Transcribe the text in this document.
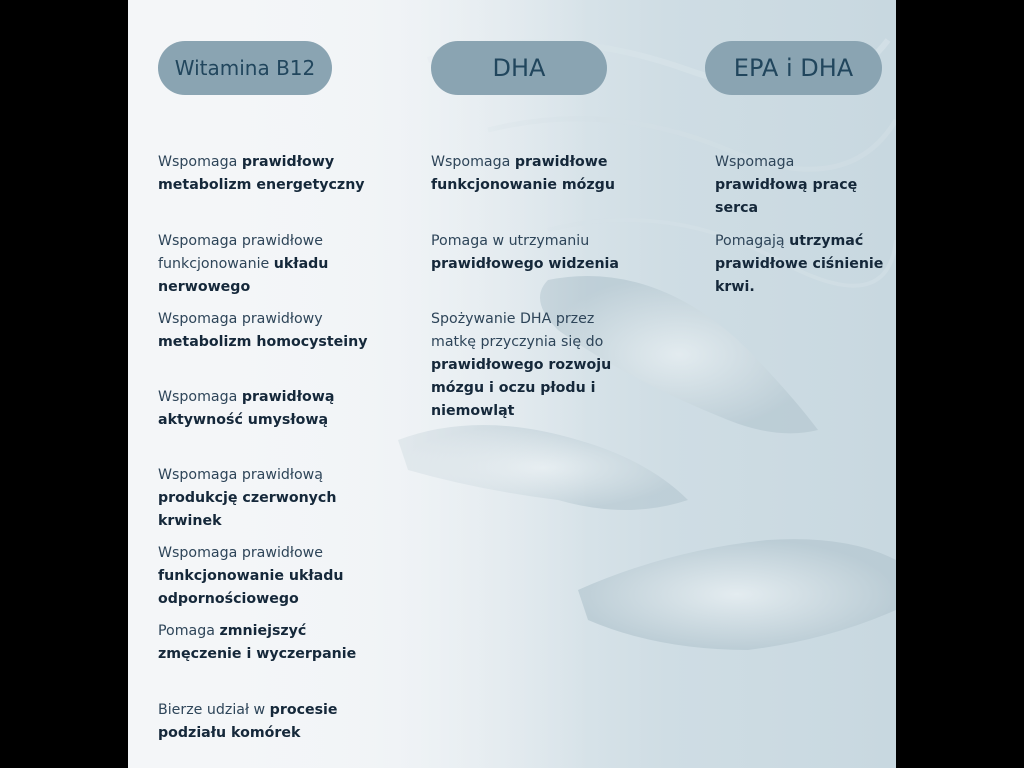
Witamina B12
Wspomaga prawidłowy metabolizm energetyczny
Wspomaga prawidłowe funkcjonowanie układu nerwowego
Wspomaga prawidłowy metabolizm homocysteiny
Wspomaga prawidłową aktywność umysłową
Wspomaga prawidłową produkcję czerwonych krwinek
Wspomaga prawidłowe funkcjonowanie układu odpornościowego
Pomaga zmniejszyć zmęczenie i wyczerpanie
Bierze udział w procesie podziału komórek
DHA
Wspomaga prawidłowe funkcjonowanie mózgu
Pomaga w utrzymaniu prawidłowego widzenia
Spożywanie DHA przez matkę przyczynia się do prawidłowego rozwoju mózgu i oczu płodu i niemowląt
EPA i DHA
Wspomaga prawidłową pracę serca
Pomagają utrzymać prawidłowe ciśnienie krwi.
